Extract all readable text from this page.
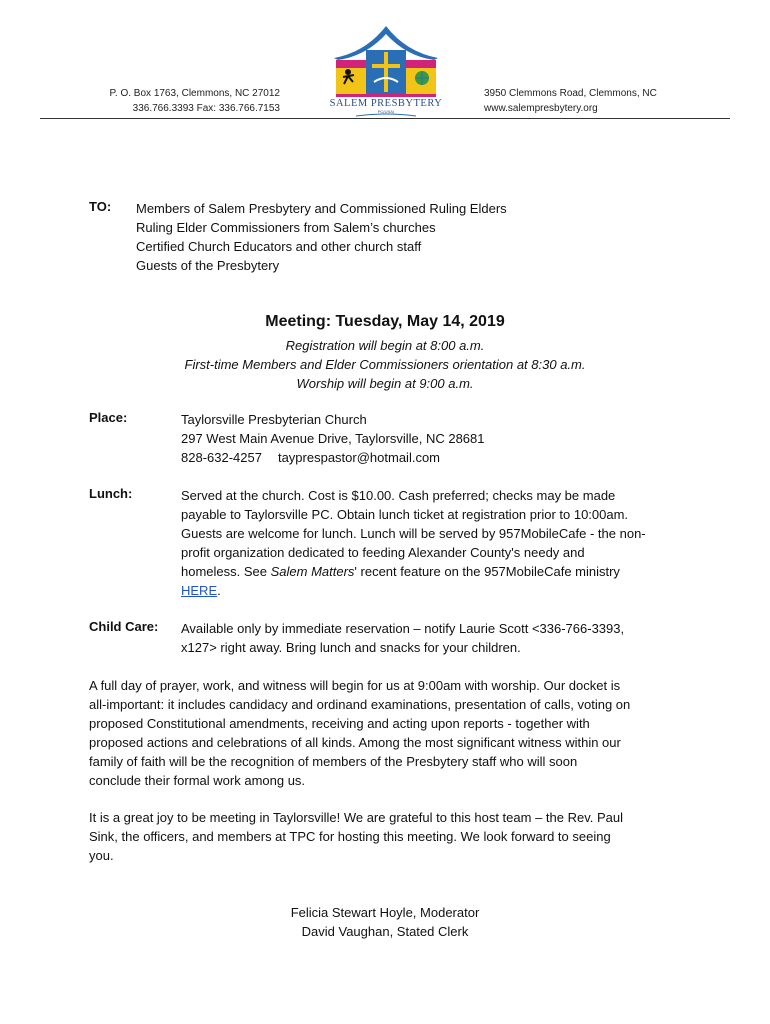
P. O. Box 1763, Clemmons, NC 27012
336.766.3393 Fax: 336.766.7153	SALEM PRESBYTERY
PC(USA)
3950 Clemmons Road, Clemmons, NC
www.salempresbytery.org
TO: Members of Salem Presbytery and Commissioned Ruling Elders
Ruling Elder Commissioners from Salem’s churches
Certified Church Educators and other church staff
Guests of the Presbytery
Meeting: Tuesday, May 14, 2019
Registration will begin at 8:00 a.m.
First-time Members and Elder Commissioners orientation at 8:30 a.m.
Worship will begin at 9:00 a.m.
Place:	Taylorsville Presbyterian Church
297 West Main Avenue Drive, Taylorsville, NC 28681
828-632-4257 tayprespastor@hotmail.com
Lunch:	Served at the church. Cost is $10.00. Cash preferred; checks may be made
payable to Taylorsville PC. Obtain lunch ticket at registration prior to 10:00am.
Guests are welcome for lunch. Lunch will be served by 957MobileCafe - the non-
profit organization dedicated to feeding Alexander County's needy and
homeless. See Salem Matters' recent feature on the 957MobileCafe ministry
HERE.
Child Care: Available only by immediate reservation – notify Laurie Scott <336-766-3393,
x127> right away. Bring lunch and snacks for your children.
A full day of prayer, work, and witness will begin for us at 9:00am with worship. Our docket is
all-important: it includes candidacy and ordinand examinations, presentation of calls, voting on
proposed Constitutional amendments, receiving and acting upon reports - together with
proposed actions and celebrations of all kinds. Among the most significant witness within our
family of faith will be the recognition of members of the Presbytery staff who will soon
conclude their formal work among us.
It is a great joy to be meeting in Taylorsville! We are grateful to this host team – the Rev. Paul
Sink, the officers, and members at TPC for hosting this meeting. We look forward to seeing
you.
Felicia Stewart Hoyle, Moderator
David Vaughan, Stated Clerk
